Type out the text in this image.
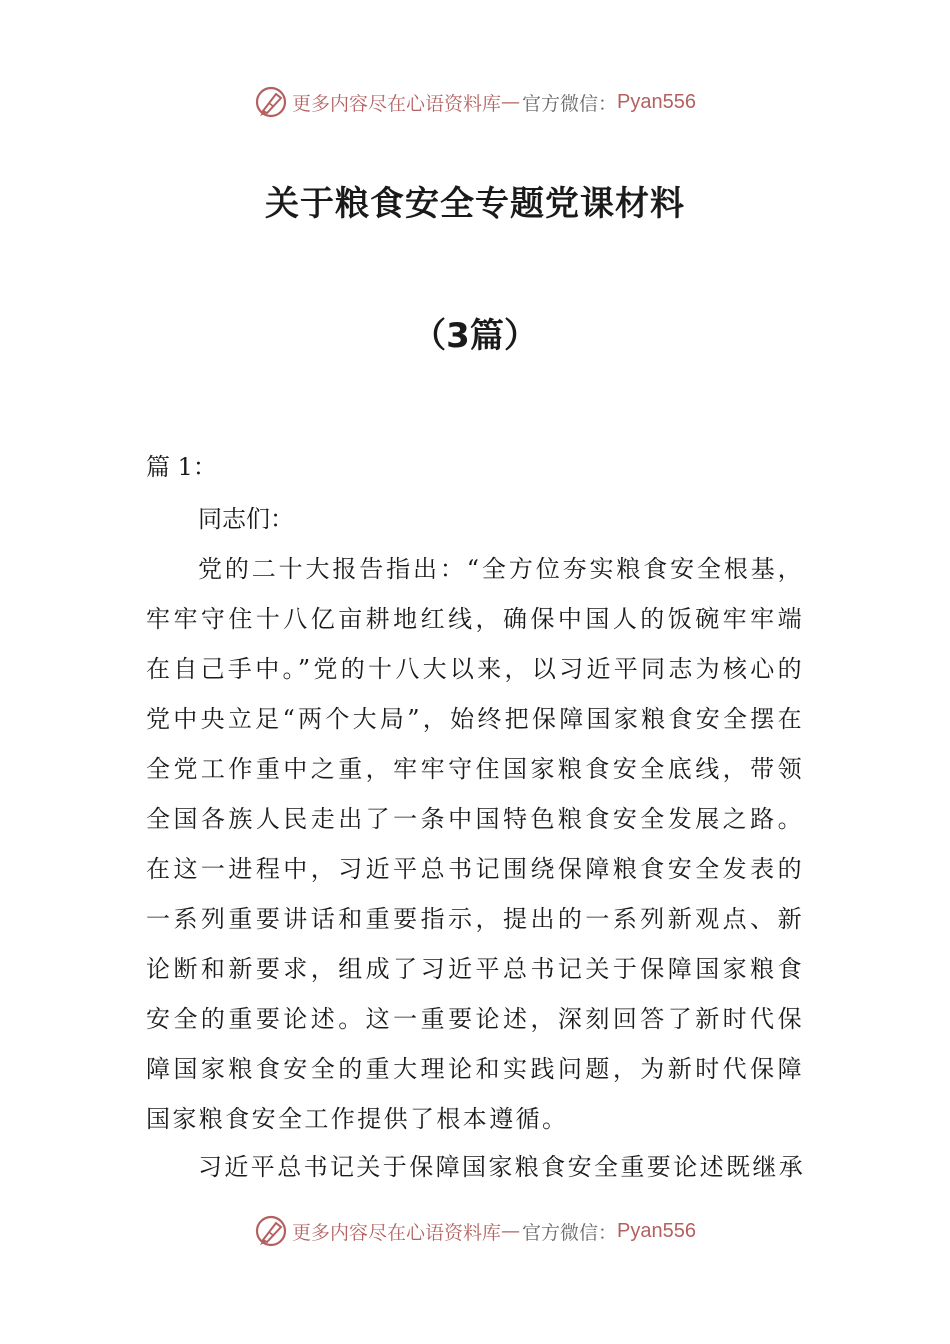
更多内容尽在心语资料库 — 官方微信： Pyan556
关于粮食安全专题党课材料
（3篇）
篇 1：
同志们：
党的二十大报告指出：“全方位夯实粮食安全根基，牢牢守住十八亿亩耕地红线，确保中国人的饭碗牢牢端在自己手中。”党的十八大以来，以习近平同志为核心的党中央立足“两个大局”，始终把保障国家粮食安全摆在全党工作重中之重，牢牢守住国家粮食安全底线，带领全国各族人民走出了一条中国特色粮食安全发展之路。在这一进程中，习近平总书记围绕保障粮食安全发表的一系列重要讲话和重要指示，提出的一系列新观点、新论断和新要求，组成了习近平总书记关于保障国家粮食安全的重要论述。这一重要论述，深刻回答了新时代保障国家粮食安全的重大理论和实践问题，为新时代保障国家粮食安全工作提供了根本遵循。
习近平总书记关于保障国家粮食安全重要论述既继承
更多内容尽在心语资料库 — 官方微信： Pyan556
